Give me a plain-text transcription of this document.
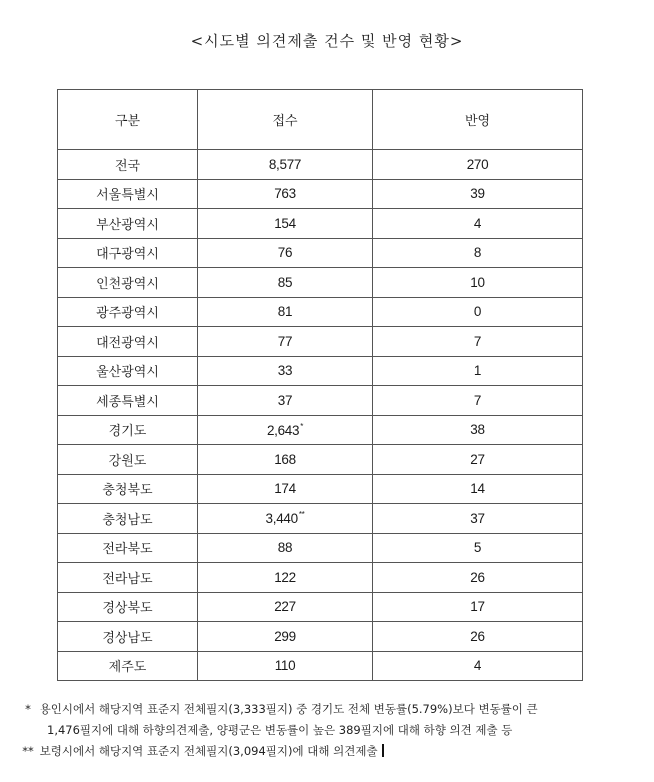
<시도별 의견제출 건수 및 반영 현황>
구분	접수	반영
전국	8,577	270
서울특별시	763	39
부산광역시	154	4
대구광역시	76	8
인천광역시	85	10
광주광역시	81	0
대전광역시	77	7
울산광역시	33	1
세종특별시	37	7
경기도	2,643*	38
강원도	168	27
충청북도	174	14
충청남도	3,440**	37
전라북도	88	5
전라남도	122	26
경상북도	227	17
경상남도	299	26
제주도	110	4
* 용인시에서 해당지역 표준지 전체필지(3,333필지) 중 경기도 전체 변동률(5.79%)보다 변동률이 큰
1,476필지에 대해 하향의견제출, 양평군은 변동률이 높은 389필지에 대해 하향 의견 제출 등
** 보령시에서 해당지역 표준지 전체필지(3,094필지)에 대해 의견제출
